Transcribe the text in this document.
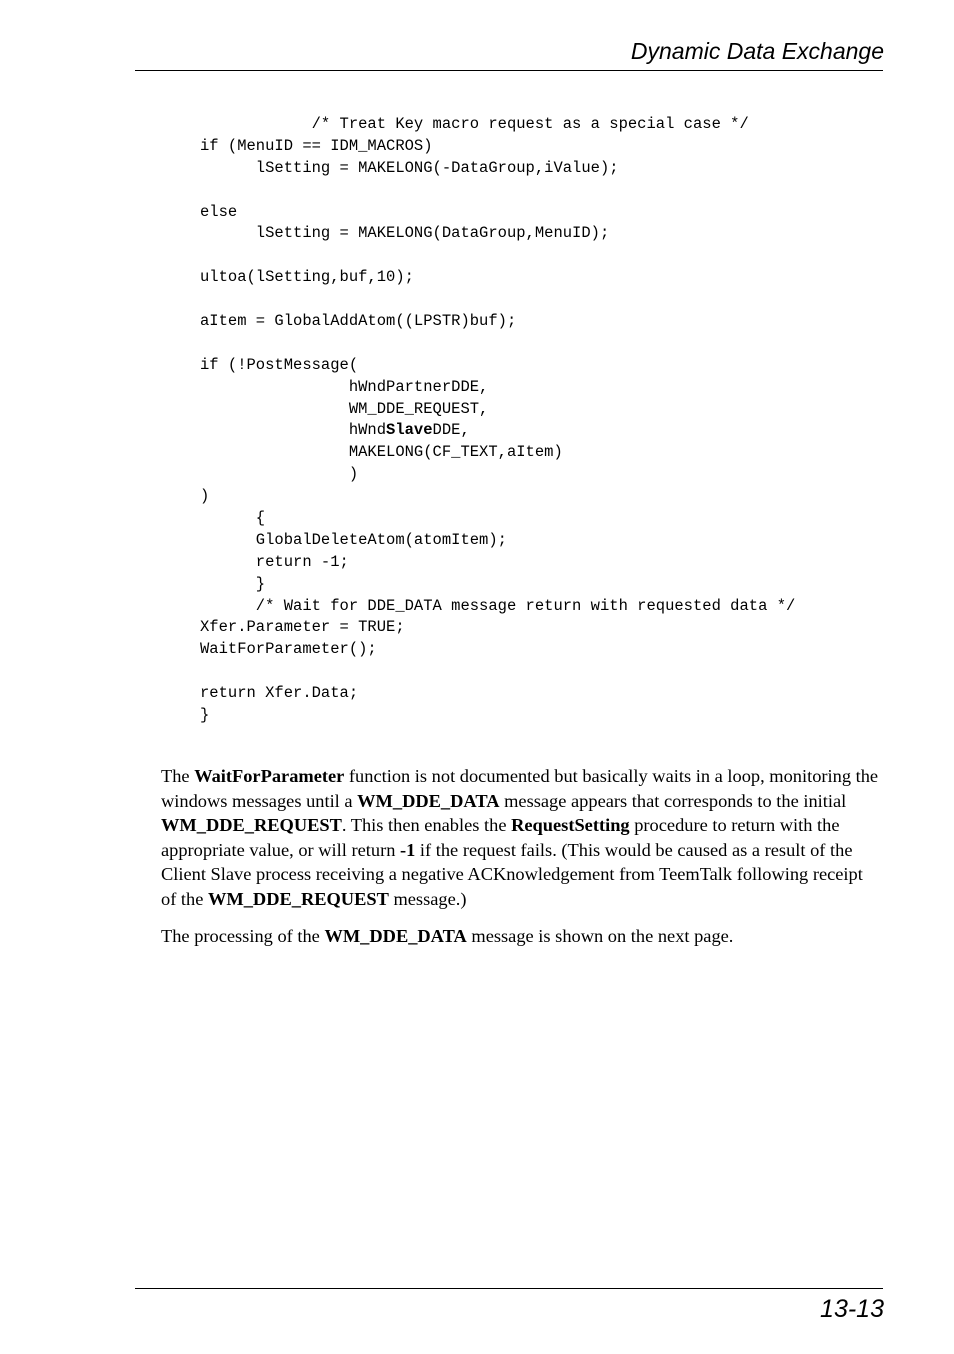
Dynamic Data Exchange
/* Treat Key macro request as a special case */
if (MenuID == IDM_MACROS)
lSetting = MAKELONG(-DataGroup,iValue);
else
lSetting = MAKELONG(DataGroup,MenuID);
ultoa(lSetting,buf,10);
aItem = GlobalAddAtom((LPSTR)buf);
if (!PostMessage(
hWndPartnerDDE,
WM_DDE_REQUEST,
hWndSlaveDDE,
MAKELONG(CF_TEXT,aItem)
)
)
{
GlobalDeleteAtom(atomItem);
return -1;
}
/* Wait for DDE_DATA message return with requested data */
Xfer.Parameter = TRUE;
WaitForParameter();
return Xfer.Data;
}

The WaitForParameter function is not documented but basically waits in a loop, monitoring the windows messages until a WM_DDE_DATA message appears that corresponds to the initial WM_DDE_REQUEST. This then enables the RequestSetting procedure to return with the appropriate value, or will return -1 if the request fails. (This would be caused as a result of the Client Slave process receiving a negative ACKnowledgement from TeemTalk following receipt of the WM_DDE_REQUEST message.)

The processing of the WM_DDE_DATA message is shown on the next page.

13-13
